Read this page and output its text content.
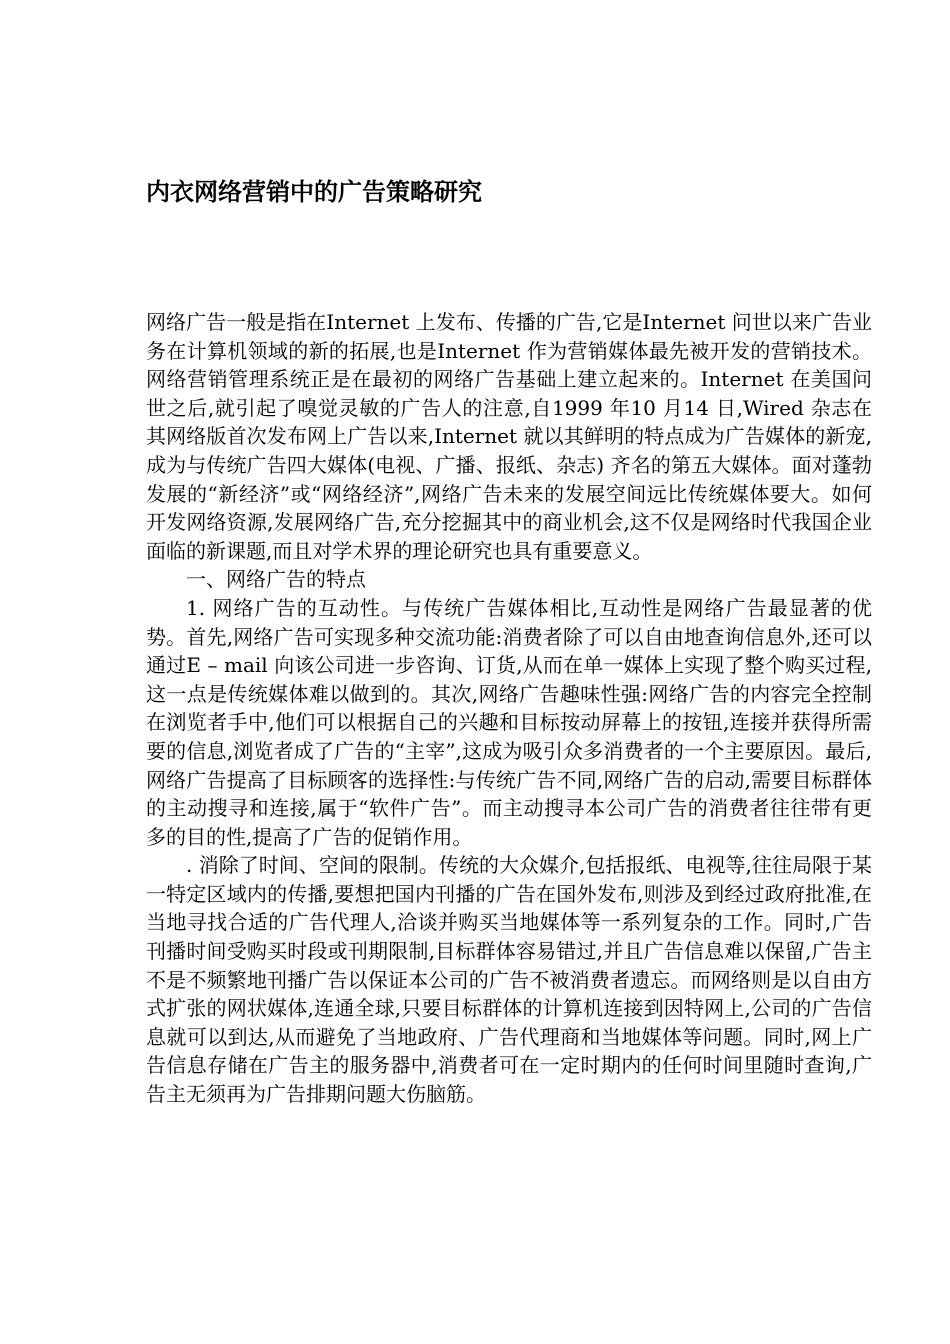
内衣网络营销中的广告策略研究

网络广告一般是指在Internet 上发布、传播的广告,它是Internet 问世以来广告业务在计算机领域的新的拓展,也是Internet 作为营销媒体最先被开发的营销技术。网络营销管理系统正是在最初的网络广告基础上建立起来的。Internet 在美国问世之后,就引起了嗅觉灵敏的广告人的注意,自1999 年10 月14 日,Wired 杂志在其网络版首次发布网上广告以来,Internet 就以其鲜明的特点成为广告媒体的新宠,成为与传统广告四大媒体(电视、广播、报纸、杂志) 齐名的第五大媒体。面对蓬勃发展的“新经济”或“网络经济”,网络广告未来的发展空间远比传统媒体要大。如何开发网络资源,发展网络广告,充分挖掘其中的商业机会,这不仅是网络时代我国企业面临的新课题,而且对学术界的理论研究也具有重要意义。

一、网络广告的特点

1. 网络广告的互动性。与传统广告媒体相比,互动性是网络广告最显著的优势。首先,网络广告可实现多种交流功能:消费者除了可以自由地查询信息外,还可以通过E – mail 向该公司进一步咨询、订货,从而在单一媒体上实现了整个购买过程,这一点是传统媒体难以做到的。其次,网络广告趣味性强:网络广告的内容完全控制在浏览者手中,他们可以根据自己的兴趣和目标按动屏幕上的按钮,连接并获得所需要的信息,浏览者成了广告的“主宰”,这成为吸引众多消费者的一个主要原因。最后,网络广告提高了目标顾客的选择性:与传统广告不同,网络广告的启动,需要目标群体的主动搜寻和连接,属于“软件广告”。而主动搜寻本公司广告的消费者往往带有更多的目的性,提高了广告的促销作用。

. 消除了时间、空间的限制。传统的大众媒介,包括报纸、电视等,往往局限于某一特定区域内的传播,要想把国内刊播的广告在国外发布,则涉及到经过政府批准,在当地寻找合适的广告代理人,洽谈并购买当地媒体等一系列复杂的工作。同时,广告刊播时间受购买时段或刊期限制,目标群体容易错过,并且广告信息难以保留,广告主不是不频繁地刊播广告以保证本公司的广告不被消费者遗忘。而网络则是以自由方式扩张的网状媒体,连通全球,只要目标群体的计算机连接到因特网上,公司的广告信息就可以到达,从而避免了当地政府、广告代理商和当地媒体等问题。同时,网上广告信息存储在广告主的服务器中,消费者可在一定时期内的任何时间里随时查询,广告主无须再为广告排期问题大伤脑筋。
